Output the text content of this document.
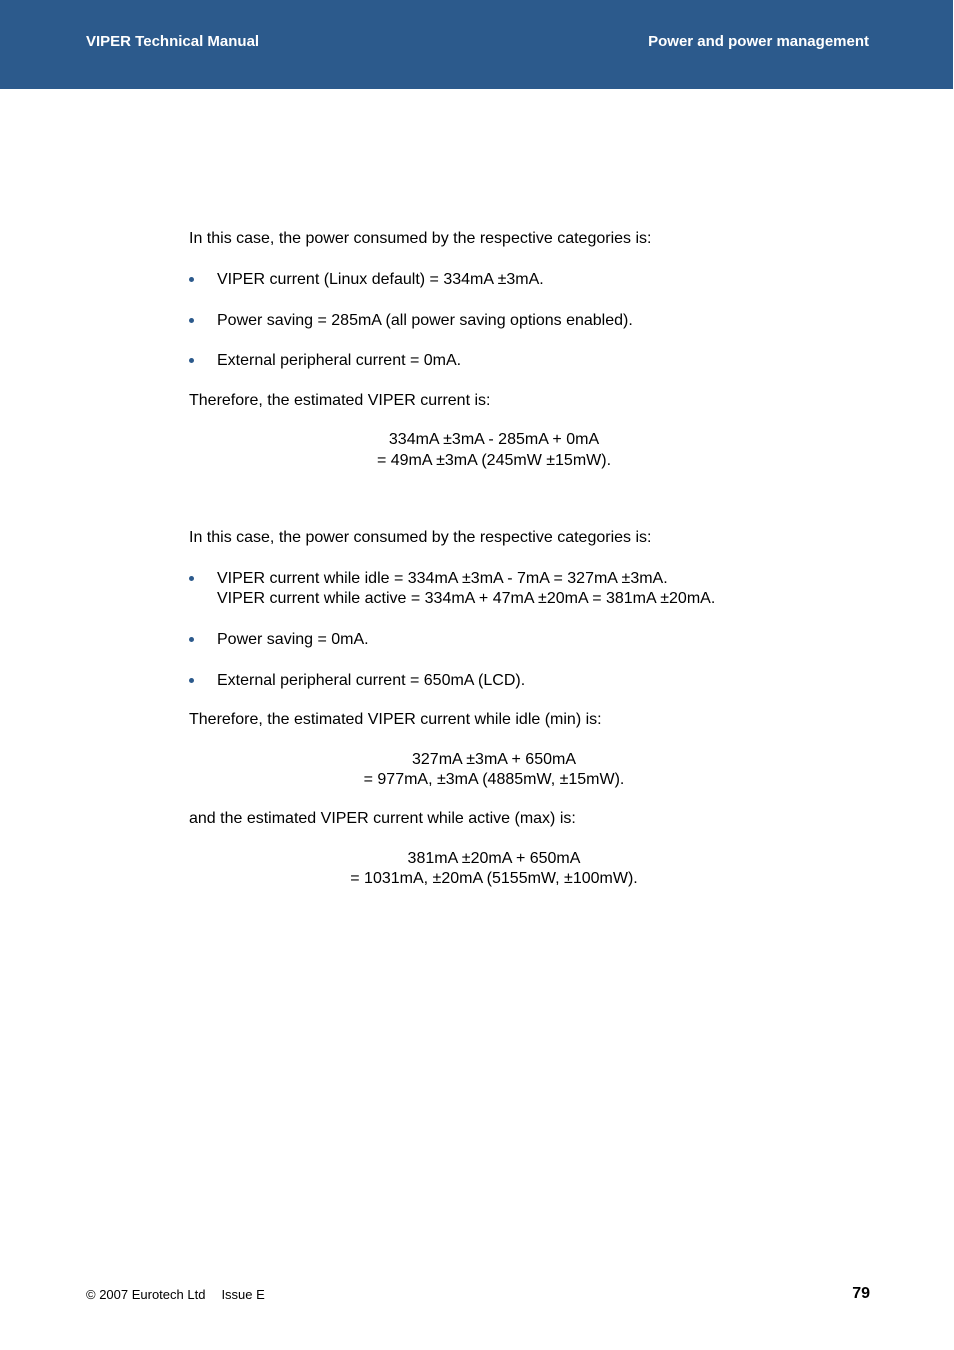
VIPER Technical Manual	Power and power management
In this case, the power consumed by the respective categories is:
VIPER current (Linux default) = 334mA ±3mA.
Power saving = 285mA (all power saving options enabled).
External peripheral current = 0mA.
Therefore, the estimated VIPER current is:
334mA ±3mA - 285mA + 0mA
= 49mA ±3mA (245mW ±15mW).
In this case, the power consumed by the respective categories is:
VIPER current while idle = 334mA ±3mA - 7mA = 327mA ±3mA.
VIPER current while active = 334mA + 47mA ±20mA = 381mA ±20mA.
Power saving = 0mA.
External peripheral current = 650mA (LCD).
Therefore, the estimated VIPER current while idle (min) is:
327mA ±3mA + 650mA
= 977mA, ±3mA (4885mW, ±15mW).
and the estimated VIPER current while active (max) is:
381mA ±20mA + 650mA
= 1031mA, ±20mA (5155mW, ±100mW).
© 2007 Eurotech Ltd Issue E	79
